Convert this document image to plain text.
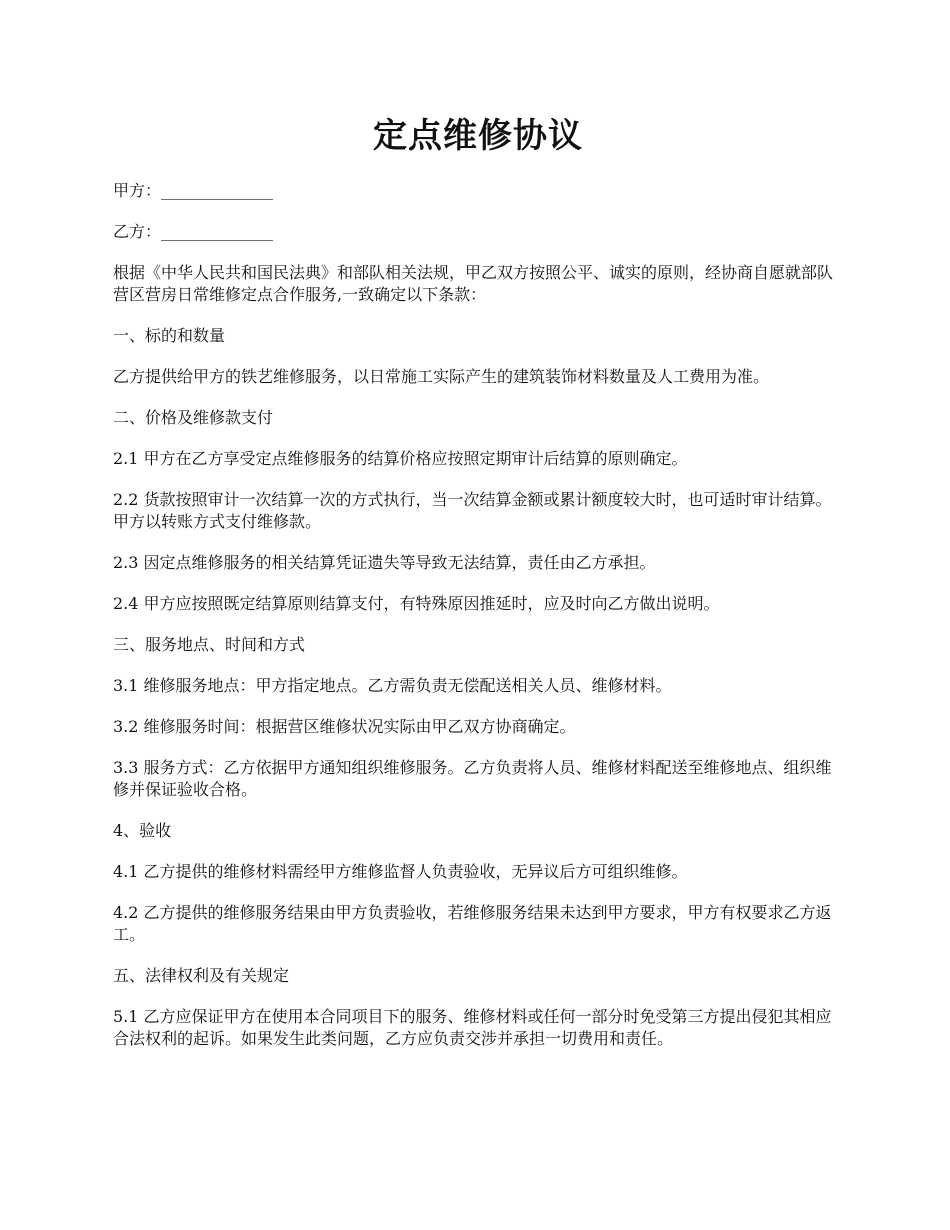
定点维修协议

甲方：______________

乙方：______________

根据《中华人民共和国民法典》和部队相关法规，甲乙双方按照公平、诚实的原则，经协商自愿就部队营区营房日常维修定点合作服务,一致确定以下条款：

一、标的和数量

乙方提供给甲方的铁艺维修服务，以日常施工实际产生的建筑装饰材料数量及人工费用为准。

二、价格及维修款支付

2.1 甲方在乙方享受定点维修服务的结算价格应按照定期审计后结算的原则确定。

2.2 货款按照审计一次结算一次的方式执行，当一次结算金额或累计额度较大时，也可适时审计结算。甲方以转账方式支付维修款。

2.3 因定点维修服务的相关结算凭证遗失等导致无法结算，责任由乙方承担。

2.4 甲方应按照既定结算原则结算支付，有特殊原因推延时，应及时向乙方做出说明。

三、服务地点、时间和方式

3.1 维修服务地点：甲方指定地点。乙方需负责无偿配送相关人员、维修材料。

3.2 维修服务时间：根据营区维修状况实际由甲乙双方协商确定。

3.3 服务方式：乙方依据甲方通知组织维修服务。乙方负责将人员、维修材料配送至维修地点、组织维修并保证验收合格。

4、验收

4.1 乙方提供的维修材料需经甲方维修监督人负责验收，无异议后方可组织维修。

4.2 乙方提供的维修服务结果由甲方负责验收，若维修服务结果未达到甲方要求，甲方有权要求乙方返工。

五、法律权利及有关规定

5.1 乙方应保证甲方在使用本合同项目下的服务、维修材料或任何一部分时免受第三方提出侵犯其相应合法权利的起诉。如果发生此类问题，乙方应负责交涉并承担一切费用和责任。
